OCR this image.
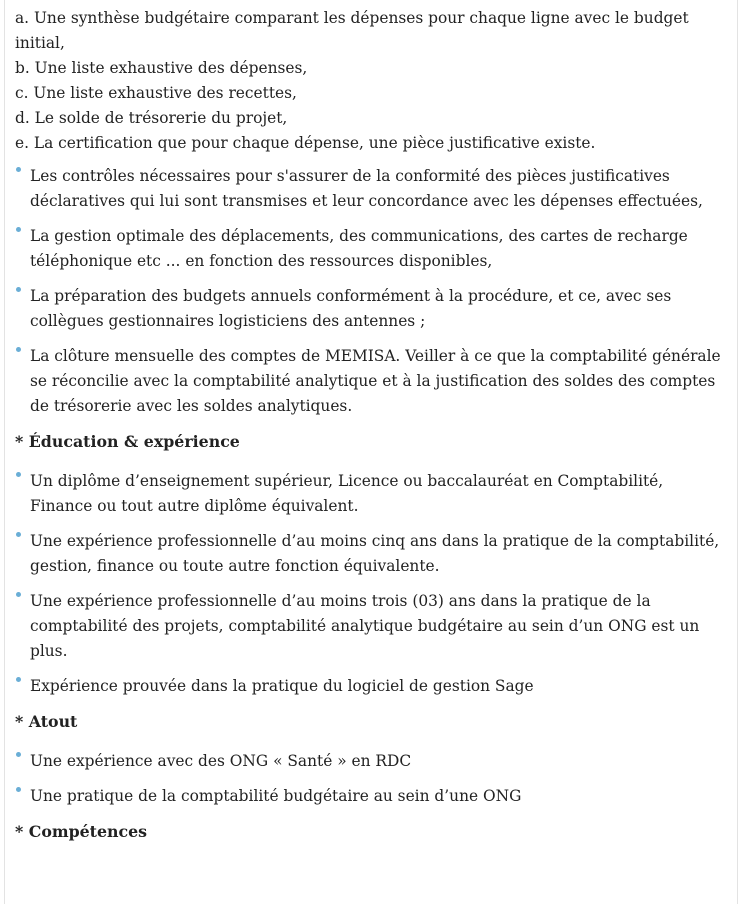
a. Une synthèse budgétaire comparant les dépenses pour chaque ligne avec le budget initial,
b. Une liste exhaustive des dépenses,
c. Une liste exhaustive des recettes,
d. Le solde de trésorerie du projet,
e. La certification que pour chaque dépense, une pièce justificative existe.
Les contrôles nécessaires pour s'assurer de la conformité des pièces justificatives déclaratives qui lui sont transmises et leur concordance avec les dépenses effectuées,
La gestion optimale des déplacements, des communications, des cartes de recharge téléphonique etc ... en fonction des ressources disponibles,
La préparation des budgets annuels conformément à la procédure, et ce, avec ses collègues gestionnaires logisticiens des antennes ;
La clôture mensuelle des comptes de MEMISA. Veiller à ce que la comptabilité générale se réconcilie avec la comptabilité analytique et à la justification des soldes des comptes de trésorerie avec les soldes analytiques.
* Éducation & expérience
Un diplôme d’enseignement supérieur, Licence ou baccalauréat en Comptabilité, Finance ou tout autre diplôme équivalent.
Une expérience professionnelle d’au moins cinq ans dans la pratique de la comptabilité, gestion, finance ou toute autre fonction équivalente.
Une expérience professionnelle d’au moins trois (03) ans dans la pratique de la comptabilité des projets, comptabilité analytique budgétaire au sein d’un ONG est un plus.
Expérience prouvée dans la pratique du logiciel de gestion Sage
* Atout
Une expérience avec des ONG « Santé » en RDC
Une pratique de la comptabilité budgétaire au sein d’une ONG
* Compétences
